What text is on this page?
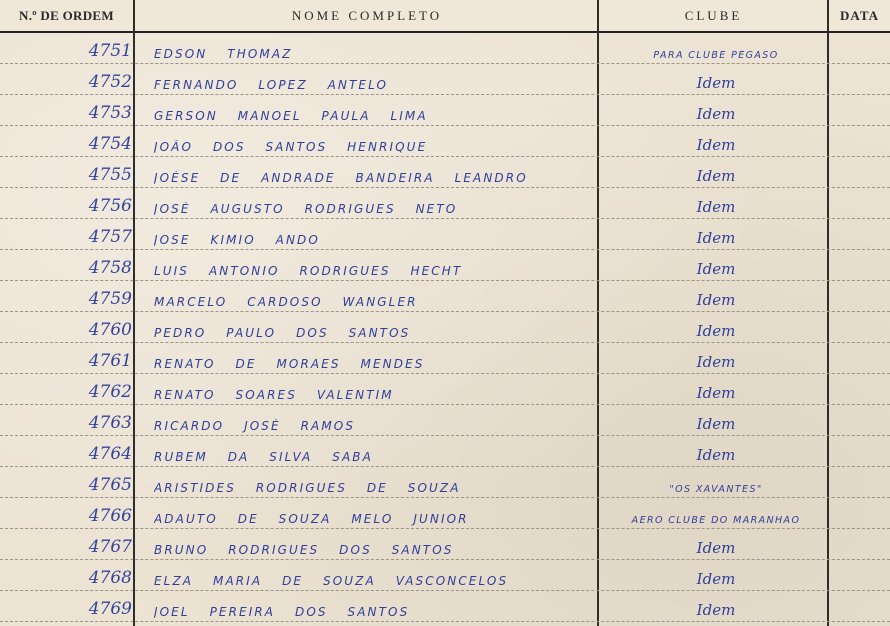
N.º DE ORDEM	NOME COMPLETO	CLUBE	DATA
4751	EDSON THOMAZ	PARA CLUBE PÉGASO
4752	FERNANDO LOPEZ ANTELO	Idem
4753	GERSON MANOEL PAULA LIMA	Idem
4754	JOÃO DOS SANTOS HENRIQUE	Idem
4755	JOÉSE DE ANDRADE BANDEIRA LEANDRO	Idem
4756	JOSÉ AUGUSTO RODRIGUES NETO	Idem
4757	JOSE KIMIO ANDO	Idem
4758	LUIS ANTONIO RODRIGUES HECHT	Idem
4759	MARCELO CARDOSO WANGLER	Idem
4760	PEDRO PAULO DOS SANTOS	Idem
4761	RENATO DE MORAES MENDES	Idem
4762	RENATO SOARES VALENTIM	Idem
4763	RICARDO JOSÉ RAMOS	Idem
4764	RUBEM DA SILVA SABA	Idem
4765	ARISTIDES RODRIGUES DE SOUZA	"OS XAVANTES"
4766	ADAUTO DE SOUZA MELO JUNIOR	AERO CLUBE DO MARANHÃO
4767	BRUNO RODRIGUES DOS SANTOS	Idem
4768	ELZA MARIA DE SOUZA VASCONCELOS	Idem
4769	JOEL PEREIRA DOS SANTOS	Idem
